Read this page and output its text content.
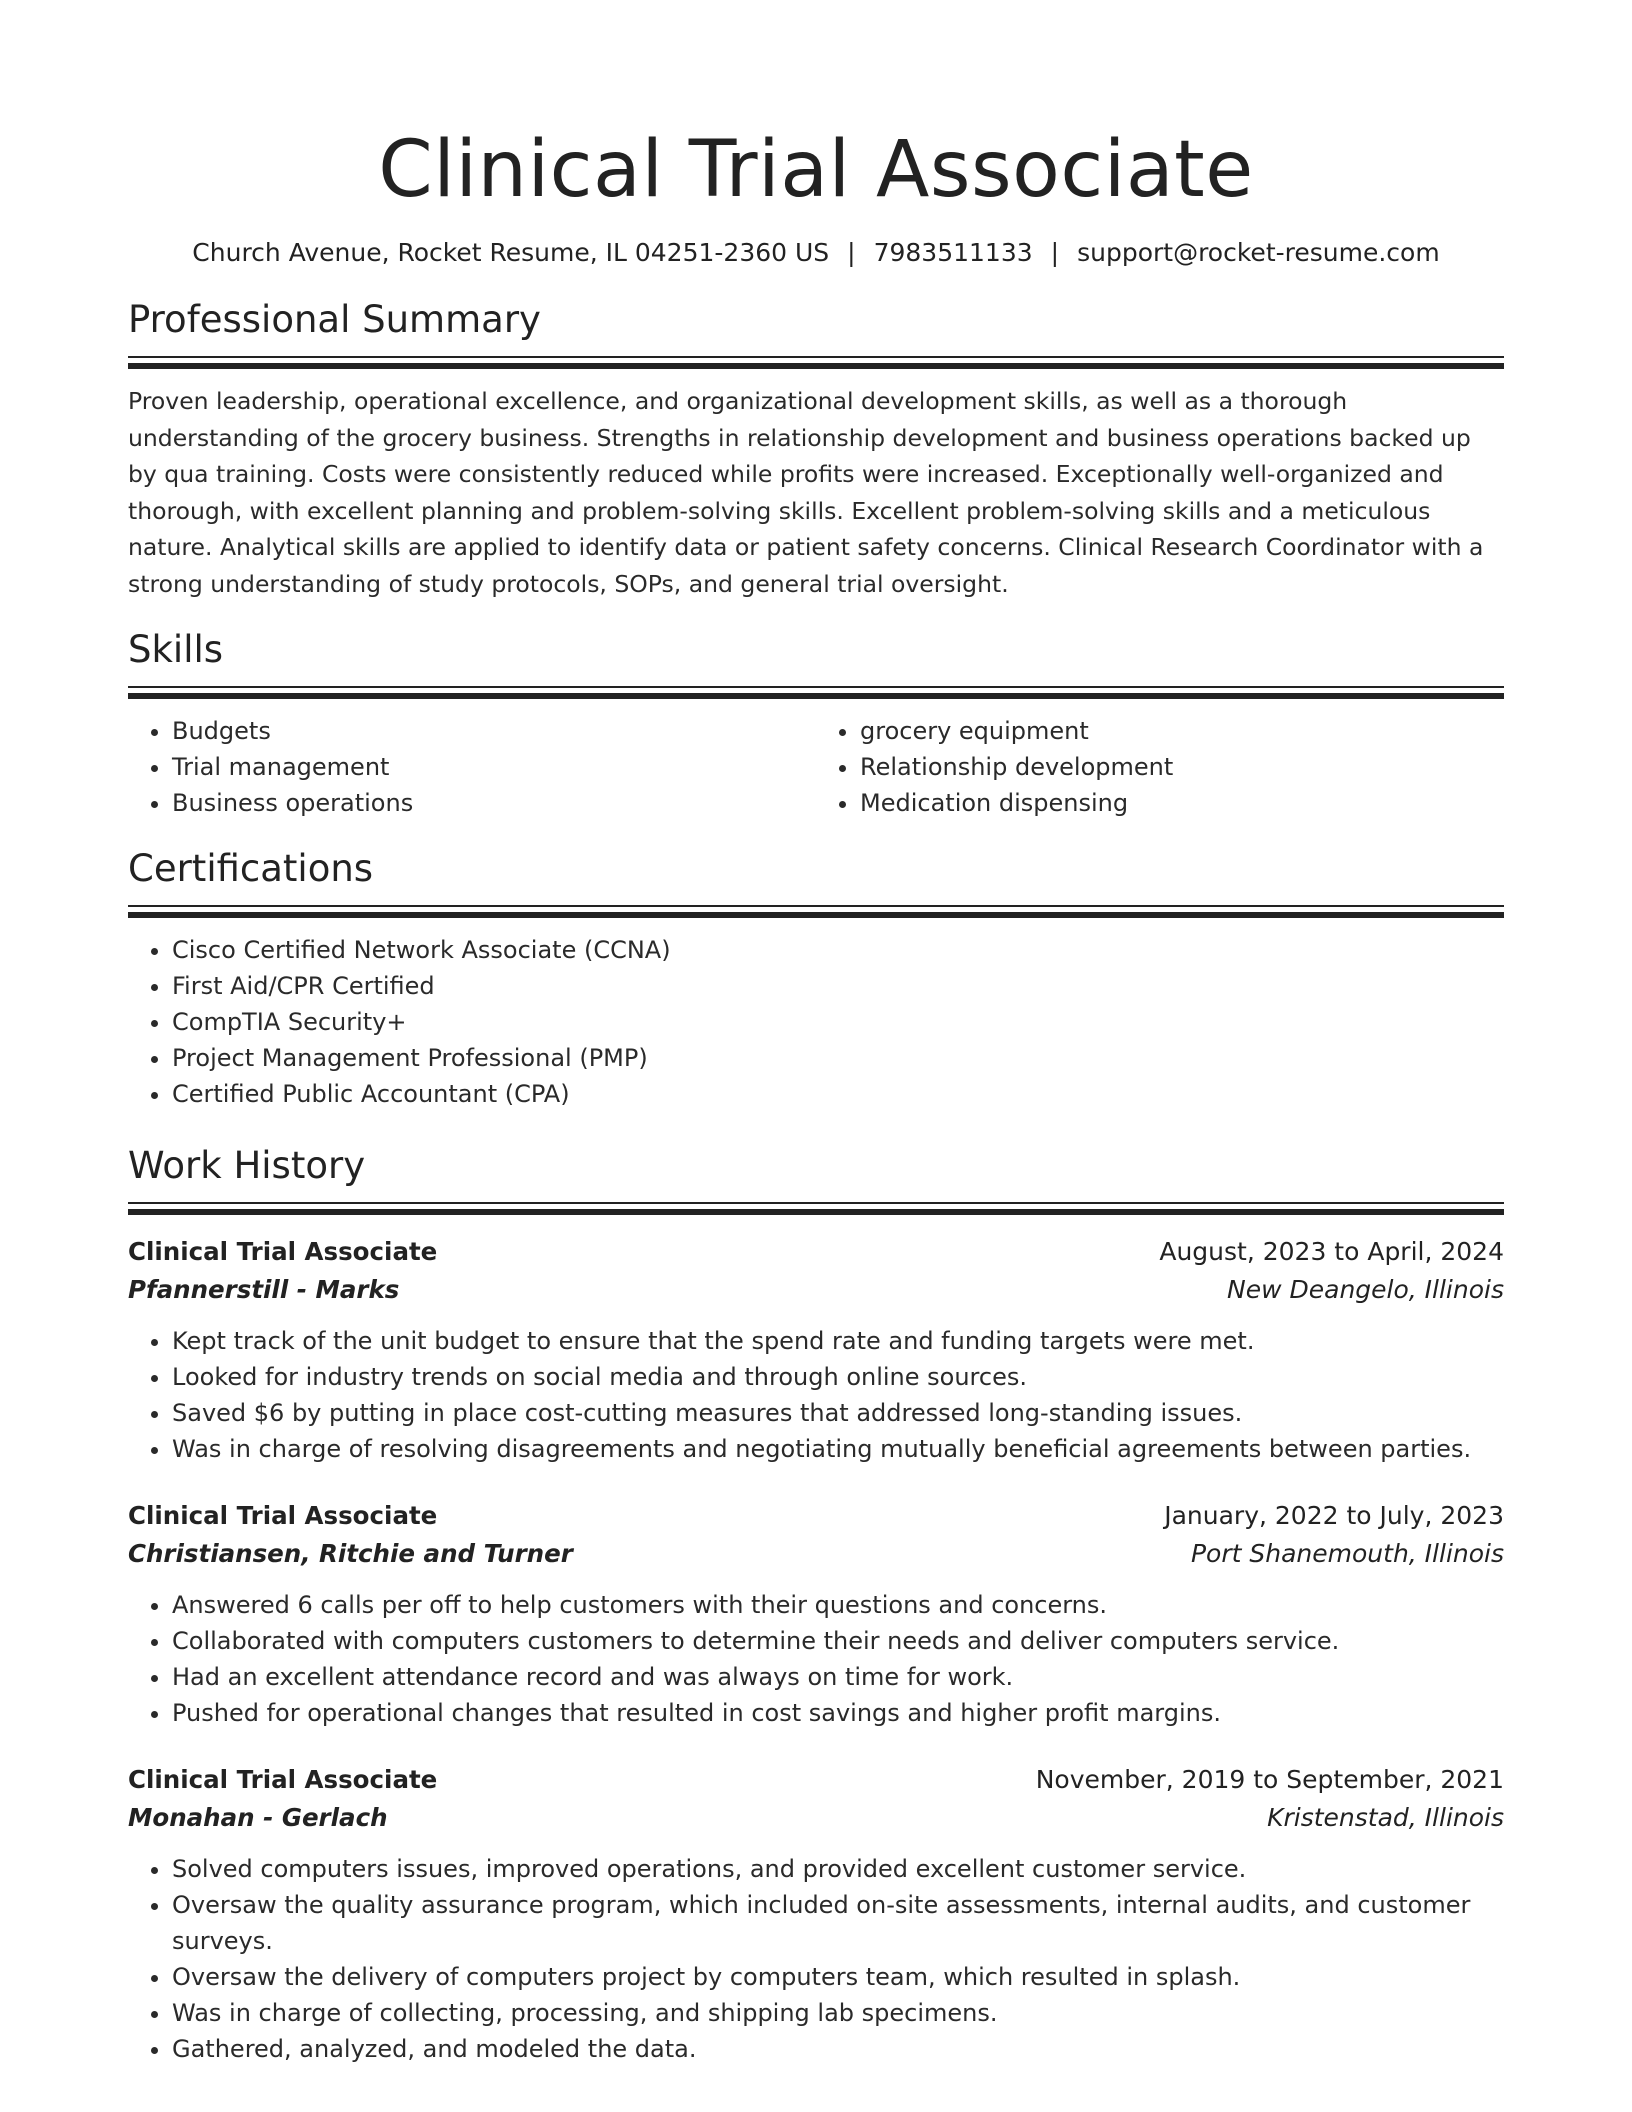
Clinical Trial Associate
Church Avenue, Rocket Resume, IL 04251-2360 US | 7983511133 | support@rocket-resume.com
Professional Summary
Proven leadership, operational excellence, and organizational development skills, as well as a thorough understanding of the grocery business. Strengths in relationship development and business operations backed up by qua training. Costs were consistently reduced while profits were increased. Exceptionally well-organized and thorough, with excellent planning and problem-solving skills. Excellent problem-solving skills and a meticulous nature. Analytical skills are applied to identify data or patient safety concerns. Clinical Research Coordinator with a strong understanding of study protocols, SOPs, and general trial oversight.
Skills
• Budgets
• Trial management
• Business operations
• grocery equipment
• Relationship development
• Medication dispensing
Certifications
• Cisco Certified Network Associate (CCNA)
• First Aid/CPR Certified
• CompTIA Security+
• Project Management Professional (PMP)
• Certified Public Accountant (CPA)
Work History
Clinical Trial Associate	August, 2023 to April, 2024
Pfannerstill - Marks	New Deangelo, Illinois
• Kept track of the unit budget to ensure that the spend rate and funding targets were met.
• Looked for industry trends on social media and through online sources.
• Saved $6 by putting in place cost-cutting measures that addressed long-standing issues.
• Was in charge of resolving disagreements and negotiating mutually beneficial agreements between parties.
Clinical Trial Associate	January, 2022 to July, 2023
Christiansen, Ritchie and Turner	Port Shanemouth, Illinois
• Answered 6 calls per off to help customers with their questions and concerns.
• Collaborated with computers customers to determine their needs and deliver computers service.
• Had an excellent attendance record and was always on time for work.
• Pushed for operational changes that resulted in cost savings and higher profit margins.
Clinical Trial Associate	November, 2019 to September, 2021
Monahan - Gerlach	Kristenstad, Illinois
• Solved computers issues, improved operations, and provided excellent customer service.
• Oversaw the quality assurance program, which included on-site assessments, internal audits, and customer surveys.
• Oversaw the delivery of computers project by computers team, which resulted in splash.
• Was in charge of collecting, processing, and shipping lab specimens.
• Gathered, analyzed, and modeled the data.
